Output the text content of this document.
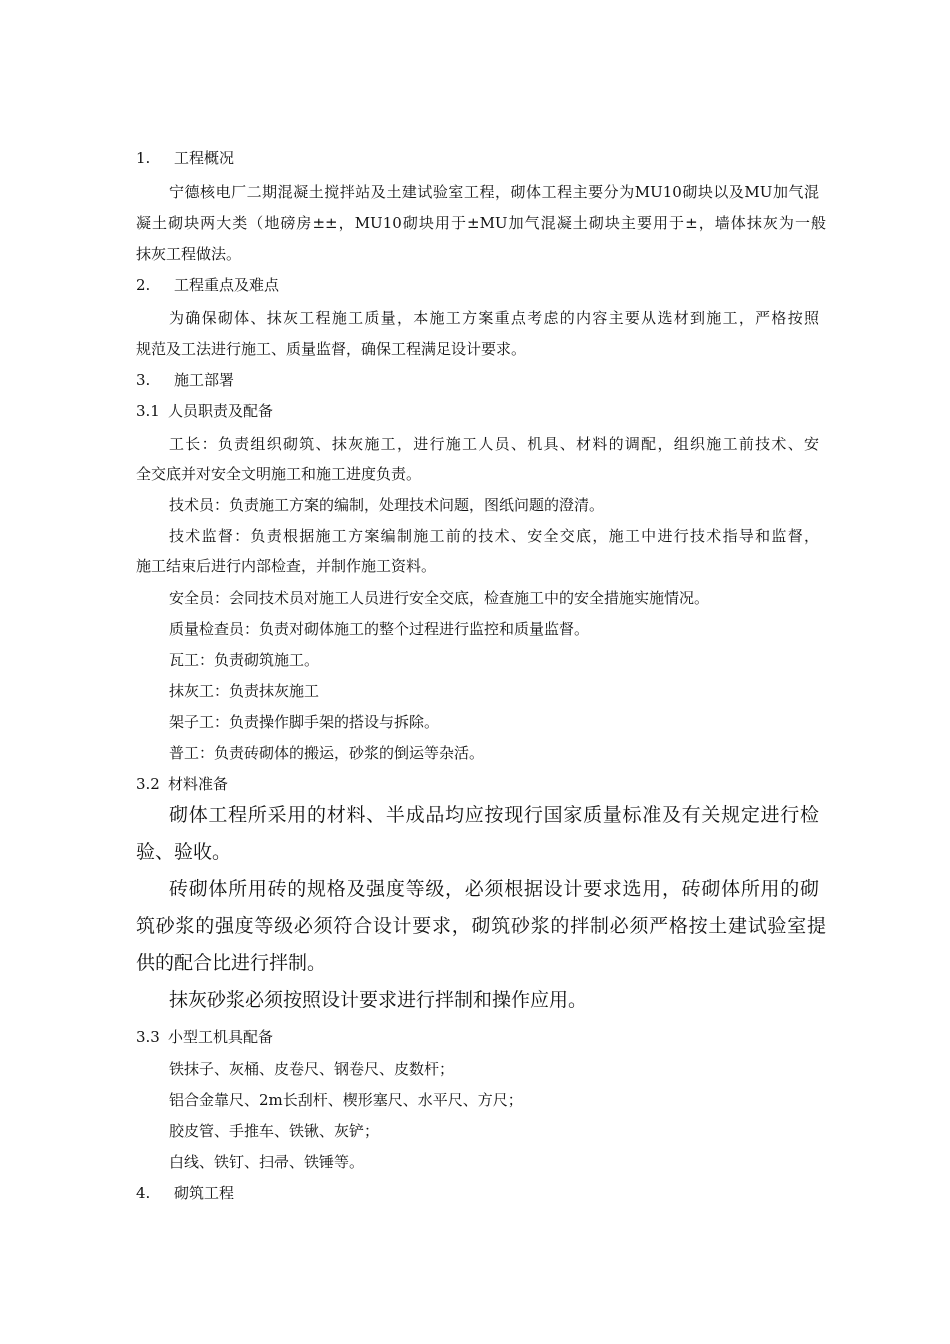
1. 工程概况
宁德核电厂二期混凝土搅拌站及土建试验室工程，砌体工程主要分为MU10砌块以及MU加气混
凝土砌块两大类（地磅房±±，MU10砌块用于±MU加气混凝土砌块主要用于±，墙体抹灰为一般
抹灰工程做法。
2. 工程重点及难点
为确保砌体、抹灰工程施工质量，本施工方案重点考虑的内容主要从选材到施工，严格按照
规范及工法进行施工、质量监督，确保工程满足设计要求。
3. 施工部署
3.1 人员职责及配备
工长：负责组织砌筑、抹灰施工，进行施工人员、机具、材料的调配，组织施工前技术、安
全交底并对安全文明施工和施工进度负责。
技术员：负责施工方案的编制，处理技术问题，图纸问题的澄清。
技术监督：负责根据施工方案编制施工前的技术、安全交底，施工中进行技术指导和监督，
施工结束后进行内部检查，并制作施工资料。
安全员：会同技术员对施工人员进行安全交底，检查施工中的安全措施实施情况。
质量检查员：负责对砌体施工的整个过程进行监控和质量监督。
瓦工：负责砌筑施工。
抹灰工：负责抹灰施工
架子工：负责操作脚手架的搭设与拆除。
普工：负责砖砌体的搬运，砂浆的倒运等杂活。
3.2 材料准备
砌体工程所采用的材料、半成品均应按现行国家质量标准及有关规定进行检
验、验收。
砖砌体所用砖的规格及强度等级，必须根据设计要求选用，砖砌体所用的砌
筑砂浆的强度等级必须符合设计要求，砌筑砂浆的拌制必须严格按土建试验室提
供的配合比进行拌制。
抹灰砂浆必须按照设计要求进行拌制和操作应用。
3.3 小型工机具配备
铁抹子、灰桶、皮卷尺、钢卷尺、皮数杆；
铝合金靠尺、2m长刮杆、楔形塞尺、水平尺、方尺；
胶皮管、手推车、铁锹、灰铲；
白线、铁钉、扫帚、铁锤等。
4. 砌筑工程
